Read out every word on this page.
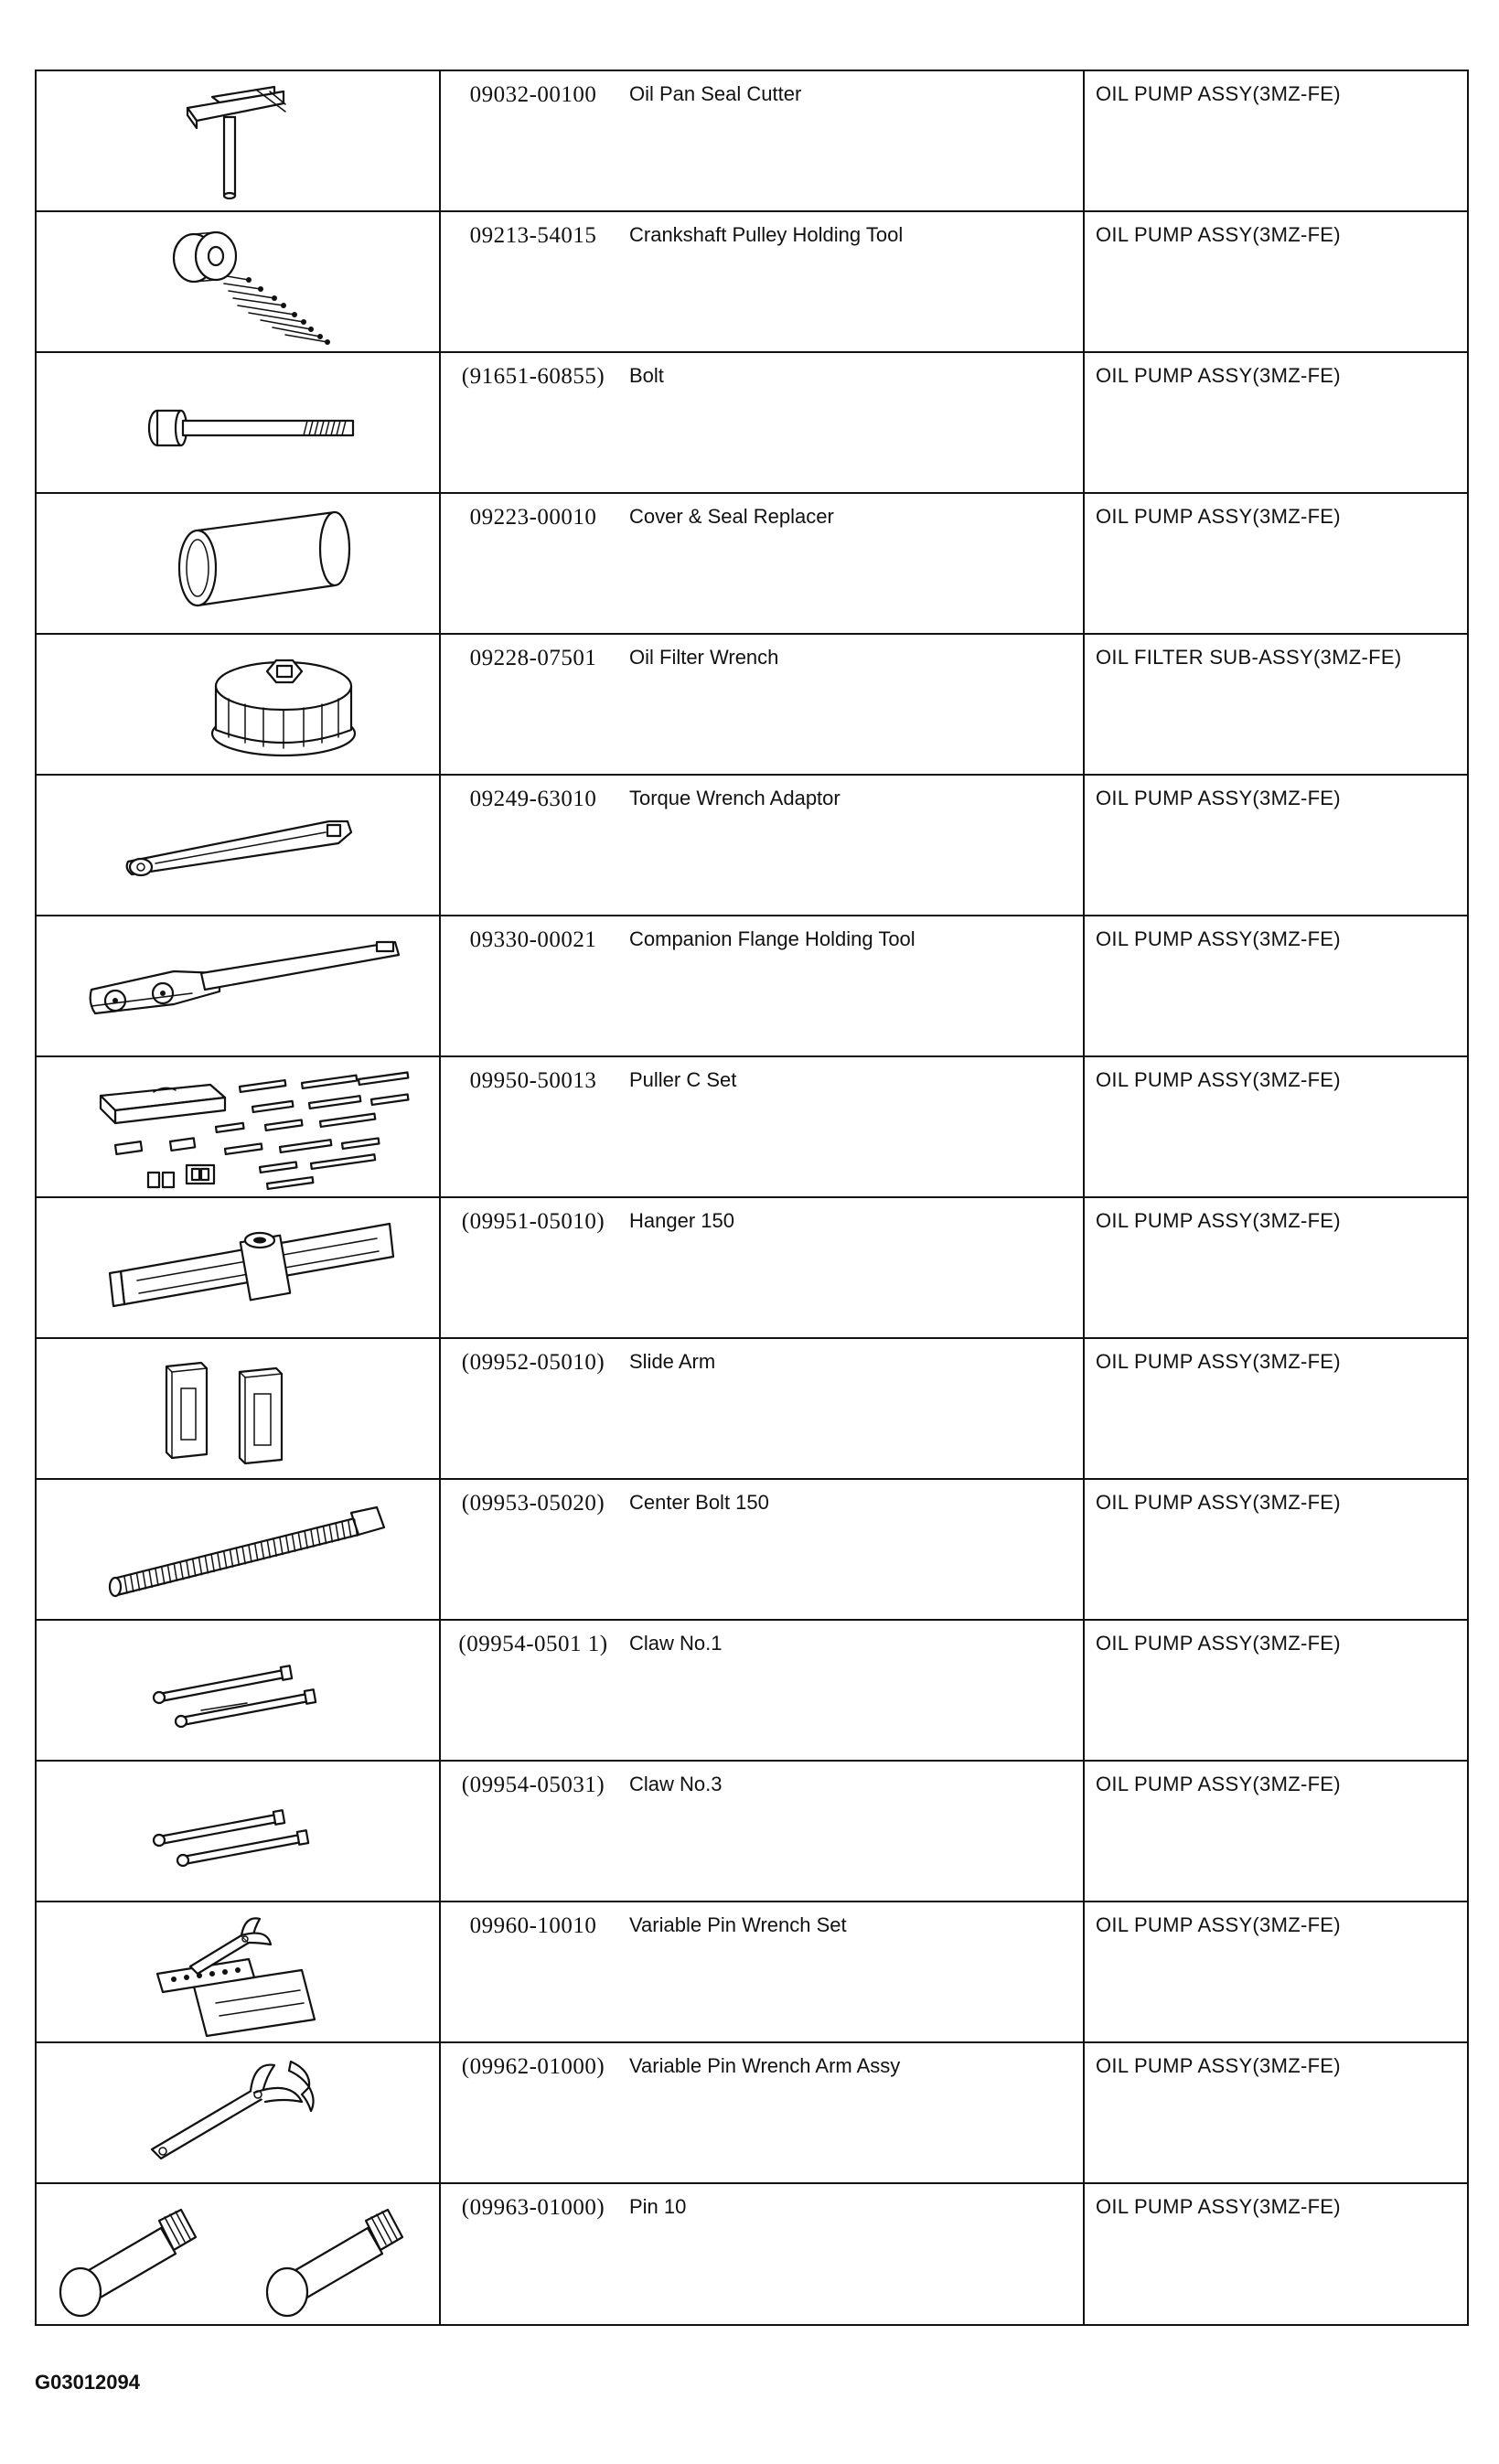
09032-00100 Oil Pan Seal Cutter	OIL PUMP ASSY(3MZ-FE)

09213-54015 Crankshaft Pulley Holding Tool	OIL PUMP ASSY(3MZ-FE)

(91651-60855) Bolt	OIL PUMP ASSY(3MZ-FE)

09223-00010 Cover & Seal Replacer	OIL PUMP ASSY(3MZ-FE)

09228-07501 Oil Filter Wrench	OIL FILTER SUB-ASSY(3MZ-FE)

09249-63010 Torque Wrench Adaptor	OIL PUMP ASSY(3MZ-FE)

09330-00021 Companion Flange Holding Tool	OIL PUMP ASSY(3MZ-FE)

09950-50013 Puller C Set	OIL PUMP ASSY(3MZ-FE)

(09951-05010) Hanger 150	OIL PUMP ASSY(3MZ-FE)

(09952-05010) Slide Arm	OIL PUMP ASSY(3MZ-FE)

(09953-05020) Center Bolt 150	OIL PUMP ASSY(3MZ-FE)

(09954-0501 1) Claw No.1	OIL PUMP ASSY(3MZ-FE)

(09954-05031) Claw No.3	OIL PUMP ASSY(3MZ-FE)

09960-10010 Variable Pin Wrench Set	OIL PUMP ASSY(3MZ-FE)

(09962-01000) Variable Pin Wrench Arm Assy	OIL PUMP ASSY(3MZ-FE)

(09963-01000) Pin 10	OIL PUMP ASSY(3MZ-FE)
G03012094
